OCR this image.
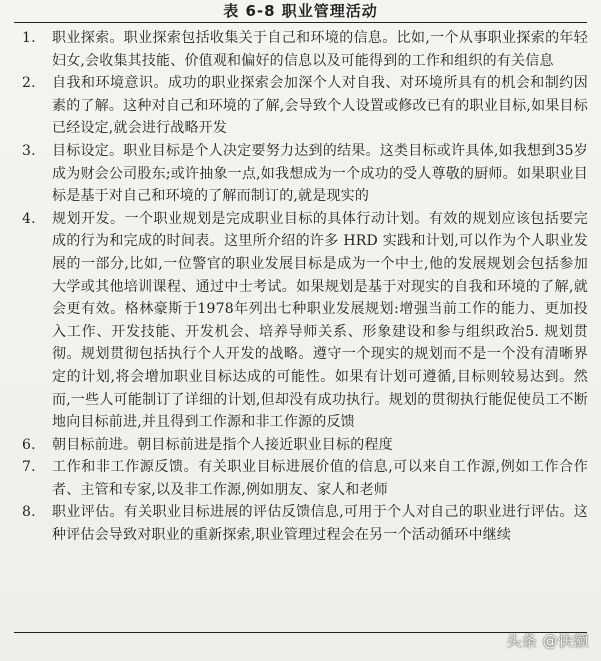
表 6-8 职业管理活动
1.	职业探索。职业探索包括收集关于自己和环境的信息。比如,一个从事职业探索的年轻妇女,会收集其技能、价值观和偏好的信息以及可能得到的工作和组织的有关信息
2.	自我和环境意识。成功的职业探索会加深个人对自我、对环境所具有的机会和制约因素的了解。这种对自己和环境的了解,会导致个人设置或修改已有的职业目标,如果目标已经设定,就会进行战略开发
3.	目标设定。职业目标是个人决定要努力达到的结果。这类目标或许具体,如我想到35岁成为财会公司股东;或许抽象一点,如我想成为一个成功的受人尊敬的厨师。如果职业目标是基于对自己和环境的了解而制订的,就是现实的
4.	规划开发。一个职业规划是完成职业目标的具体行动计划。有效的规划应该包括要完成的行为和完成的时间表。这里所介绍的许多 HRD 实践和计划,可以作为个人职业发展的一部分,比如,一位警官的职业发展目标是成为一个中士,他的发展规划会包括参加大学或其他培训课程、通过中士考试。如果规划是基于对现实的自我和环境的了解,就会更有效。格林豪斯于1978年列出七种职业发展规划:增强当前工作的能力、更加投入工作、开发技能、开发机会、培养导师关系、形象建设和参与组织政治5. 规划贯彻。规划贯彻包括执行个人开发的战略。遵守一个现实的规划而不是一个没有清晰界定的计划,将会增加职业目标达成的可能性。如果有计划可遵循,目标则较易达到。然而,一些人可能制订了详细的计划,但却没有成功执行。规划的贯彻执行能促使员工不断地向目标前进,并且得到工作源和非工作源的反馈
6.	朝目标前进。朝目标前进是指个人接近职业目标的程度
7.	工作和非工作源反馈。有关职业目标进展价值的信息,可以来自工作源,例如工作合作者、主管和专家,以及非工作源,例如朋友、家人和老师
8.	职业评估。有关职业目标进展的评估反馈信息,可用于个人对自己的职业进行评估。这种评估会导致对职业的重新探索,职业管理过程会在另一个活动循环中继续
头条 @快额
